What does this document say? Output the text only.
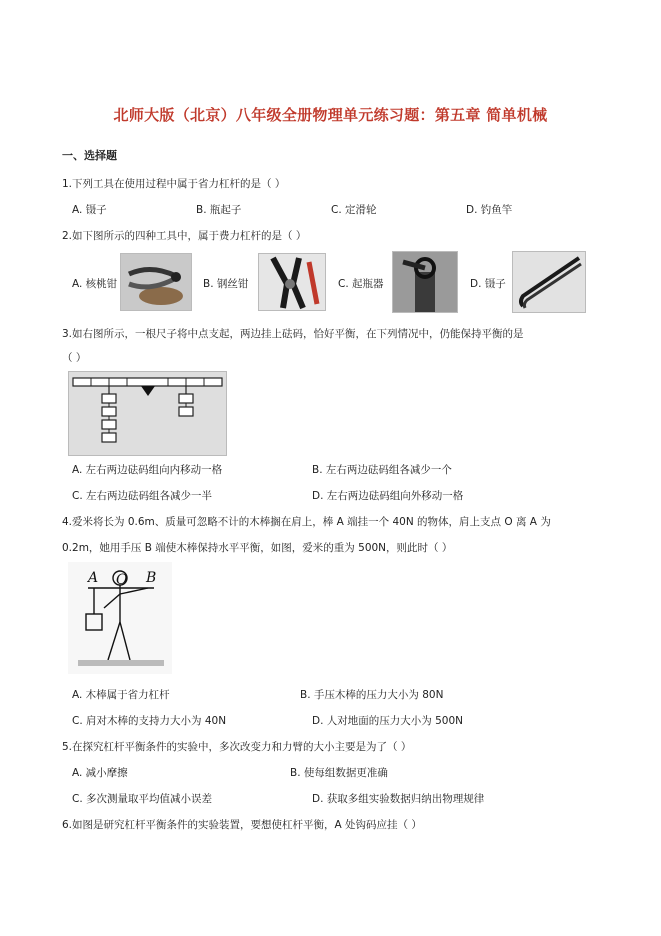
北师大版（北京）八年级全册物理单元练习题：第五章 简单机械
一、选择题
1.下列工具在使用过程中属于省力杠杆的是（ ）
A. 镊子	B. 瓶起子	C. 定滑轮	D. 钓鱼竿
2.如下图所示的四种工具中，属于费力杠杆的是（ ）
A. 核桃钳	B. 钢丝钳	C. 起瓶器	D. 镊子
3.如右图所示，一根尺子将中点支起，两边挂上砝码，恰好平衡，在下列情况中，仍能保持平衡的是
（ ）
A. 左右两边砝码组向内移动一格	B. 左右两边砝码组各减少一个
C. 左右两边砝码组各减少一半	D. 左右两边砝码组向外移动一格
4.爱米将长为 0.6m、质量可忽略不计的木棒搁在肩上，棒 A 端挂一个 40N 的物体，肩上支点 O 离 A 为
0.2m，她用手压 B 端使木棒保持水平平衡，如图，爱米的重为 500N，则此时（ ）
A O B
A. 木棒属于省力杠杆	B. 手压木棒的压力大小为 80N
C. 肩对木棒的支持力大小为 40N	D. 人对地面的压力大小为 500N
5.在探究杠杆平衡条件的实验中，多次改变力和力臂的大小主要是为了（ ）
A. 减小摩擦	B. 使每组数据更准确
C. 多次测量取平均值减小误差	D. 获取多组实验数据归纳出物理规律
6.如图是研究杠杆平衡条件的实验装置，要想使杠杆平衡，A 处钩码应挂（ ）
